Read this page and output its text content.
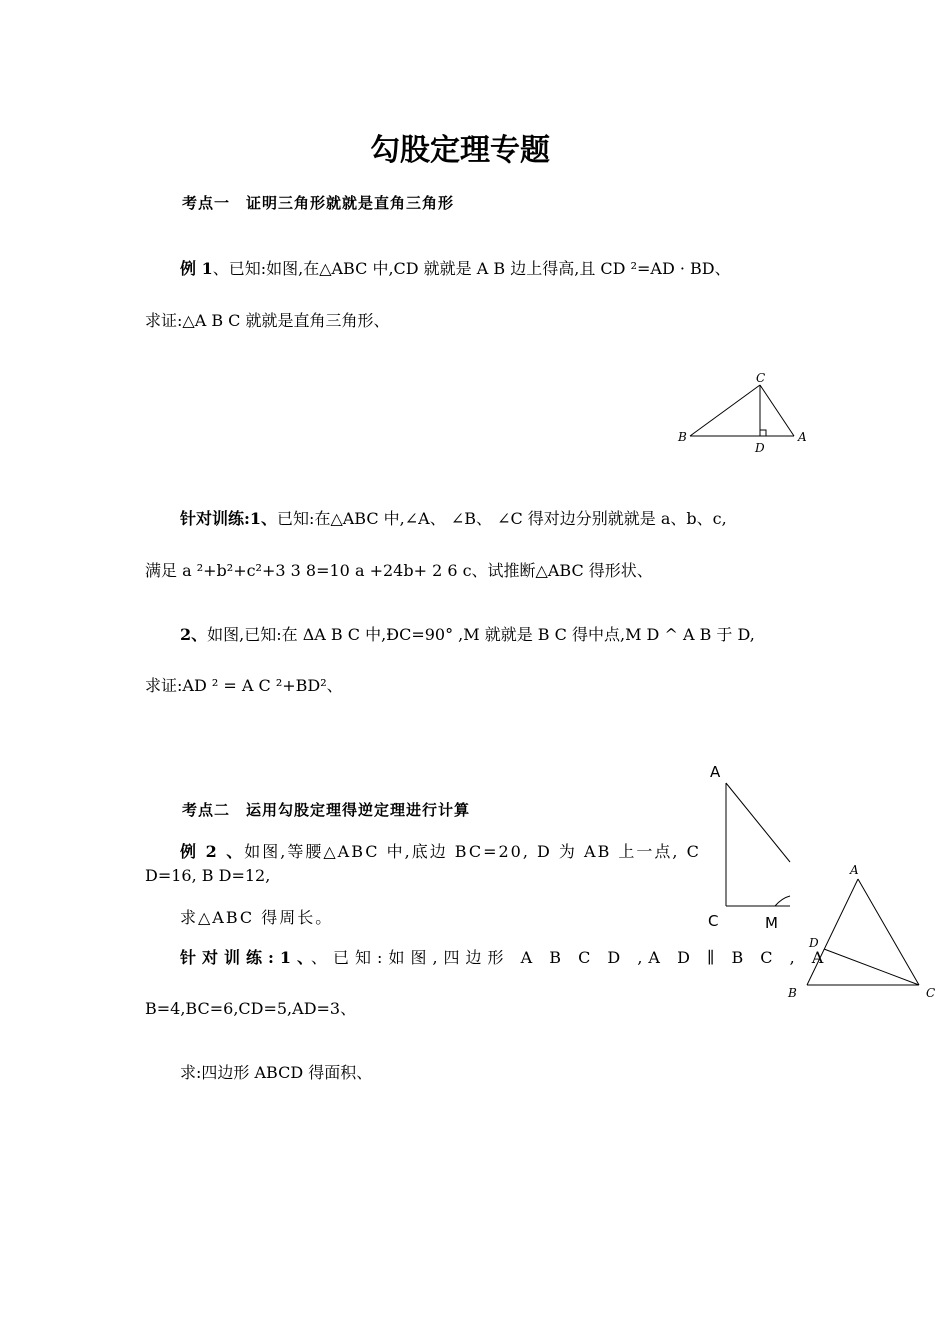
勾股定理专题
考点一　证明三角形就就是直角三角形
例 1、已知:如图,在△ABC 中,CD 就就是 A B 边上得高,且 CD ²=AD · BD、
求证:△A B C 就就是直角三角形、
C
B
D
A
针对训练:1、已知:在△ABC 中,∠A、 ∠B、 ∠C 得对边分别就就是 a、b、c,
满足 a ²+b²+c²+3 3 8=10 a +24b+ 2 6 c、试推断△ABC 得形状、
2、如图,已知:在 ΔA B C 中,ÐC=90° ,M 就就是 B C 得中点,M D ^ A B 于 D,
求证:AD ² = A C ²+BD²、
A
C	M
考点二　运用勾股定理得逆定理进行计算
例 2 、如图,等腰△ABC 中,底边 BC=20, D 为 AB 上一点, C
D=16, B D=12,
求△ABC 得周长。
针对训练:1、、已知:如图,四边形 A B C D ,A D ∥ B C , A
B=4,BC=6,CD=5,AD=3、
求:四边形 ABCD 得面积、
A
D
B	C
